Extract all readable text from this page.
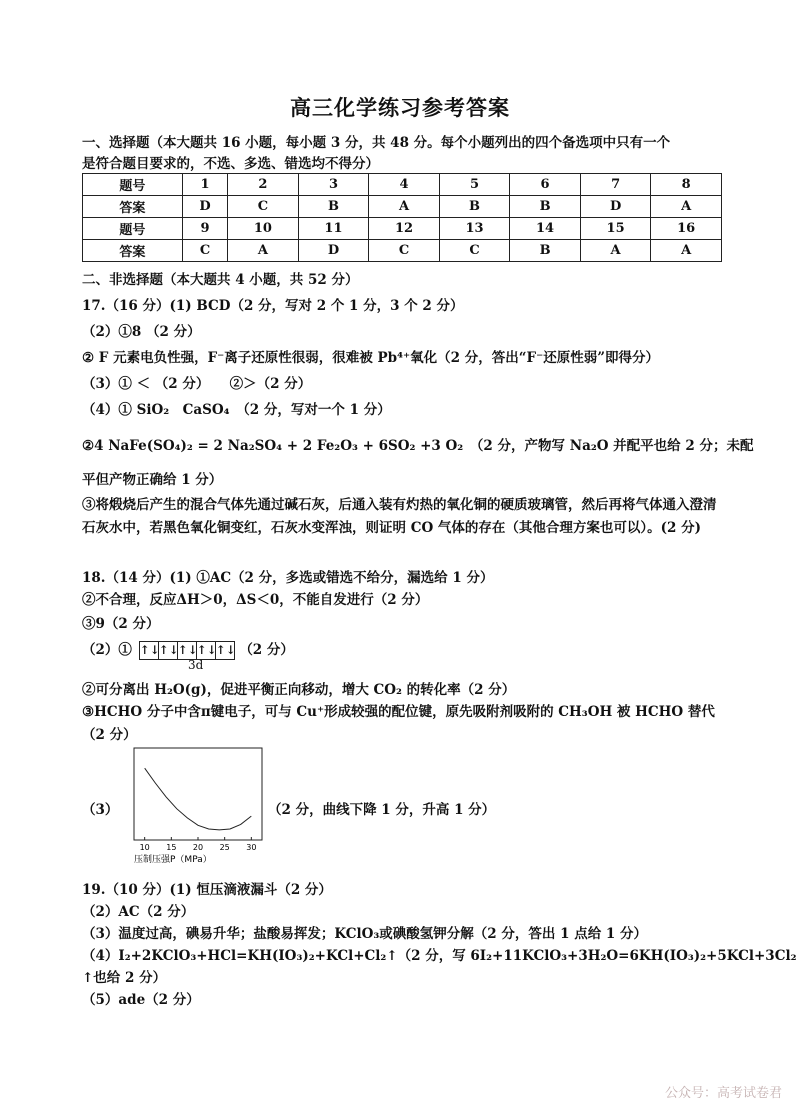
高三化学练习参考答案
一、选择题（本大题共 16 小题，每小题 3 分，共 48 分。每个小题列出的四个备选项中只有一个
是符合题目要求的，不选、多选、错选均不得分）
题号	1	2	3	4	5	6	7	8
答案	D	C	B	A	B	B	D	A
题号	9	10	11	12	13	14	15	16
答案	C	A	D	C	C	B	A	A
二、非选择题（本大题共 4 小题，共 52 分）
17.（16 分）(1) BCD（2 分，写对 2 个 1 分，3 个 2 分）
（2）①8 （2 分）
② F 元素电负性强，F⁻离子还原性很弱，很难被 Pb⁴⁺氧化（2 分，答出“F⁻还原性弱”即得分）
（3）① ＜ （2 分）　　②＞（2 分）
（4）① SiO₂　CaSO₄　（2 分，写对一个 1 分）
②4 NaFe(SO₄)₂ = 2 Na₂SO₄ + 2 Fe₂O₃ + 6SO₂ +3 O₂　（2 分，产物写 Na₂O 并配平也给 2 分；未配
平但产物正确给 1 分）
③将煅烧后产生的混合气体先通过碱石灰，后通入装有灼热的氧化铜的硬质玻璃管，然后再将气体通入澄清石灰水中，若黑色氧化铜变红，石灰水变浑浊，则证明 CO 气体的存在（其他合理方案也可以）。(2 分)
18.（14 分）(1) ①AC（2 分，多选或错选不给分，漏选给 1 分）
②不合理，反应ΔH＞0，ΔS＜0，不能自发进行（2 分）
③9（2 分）
（2）① ↑↓
↑↓
↑↓
↑↓
↑↓ （2 分）
3d
②可分离出 H₂O(g)，促进平衡正向移动，增大 CO₂ 的转化率（2 分）
③HCHO 分子中含π键电子，可与 Cu⁺形成较强的配位键，原先吸附剂吸附的 CH₃OH 被 HCHO 替代（2 分）
（3）	（2 分，曲线下降 1 分，升高 1 分）
10 15 20 25 30
压制压强P（MPa）
19.（10 分）(1) 恒压滴液漏斗（2 分）
（2）AC（2 分）
（3）温度过高，碘易升华；盐酸易挥发；KClO₃或碘酸氢钾分解（2 分，答出 1 点给 1 分）
（4）I₂+2KClO₃+HCl=KH(IO₃)₂+KCl+Cl₂↑（2 分，写 6I₂+11KClO₃+3H₂O=6KH(IO₃)₂+5KCl+3Cl₂
↑也给 2 分）
（5）ade（2 分）
公众号：高考试卷君
